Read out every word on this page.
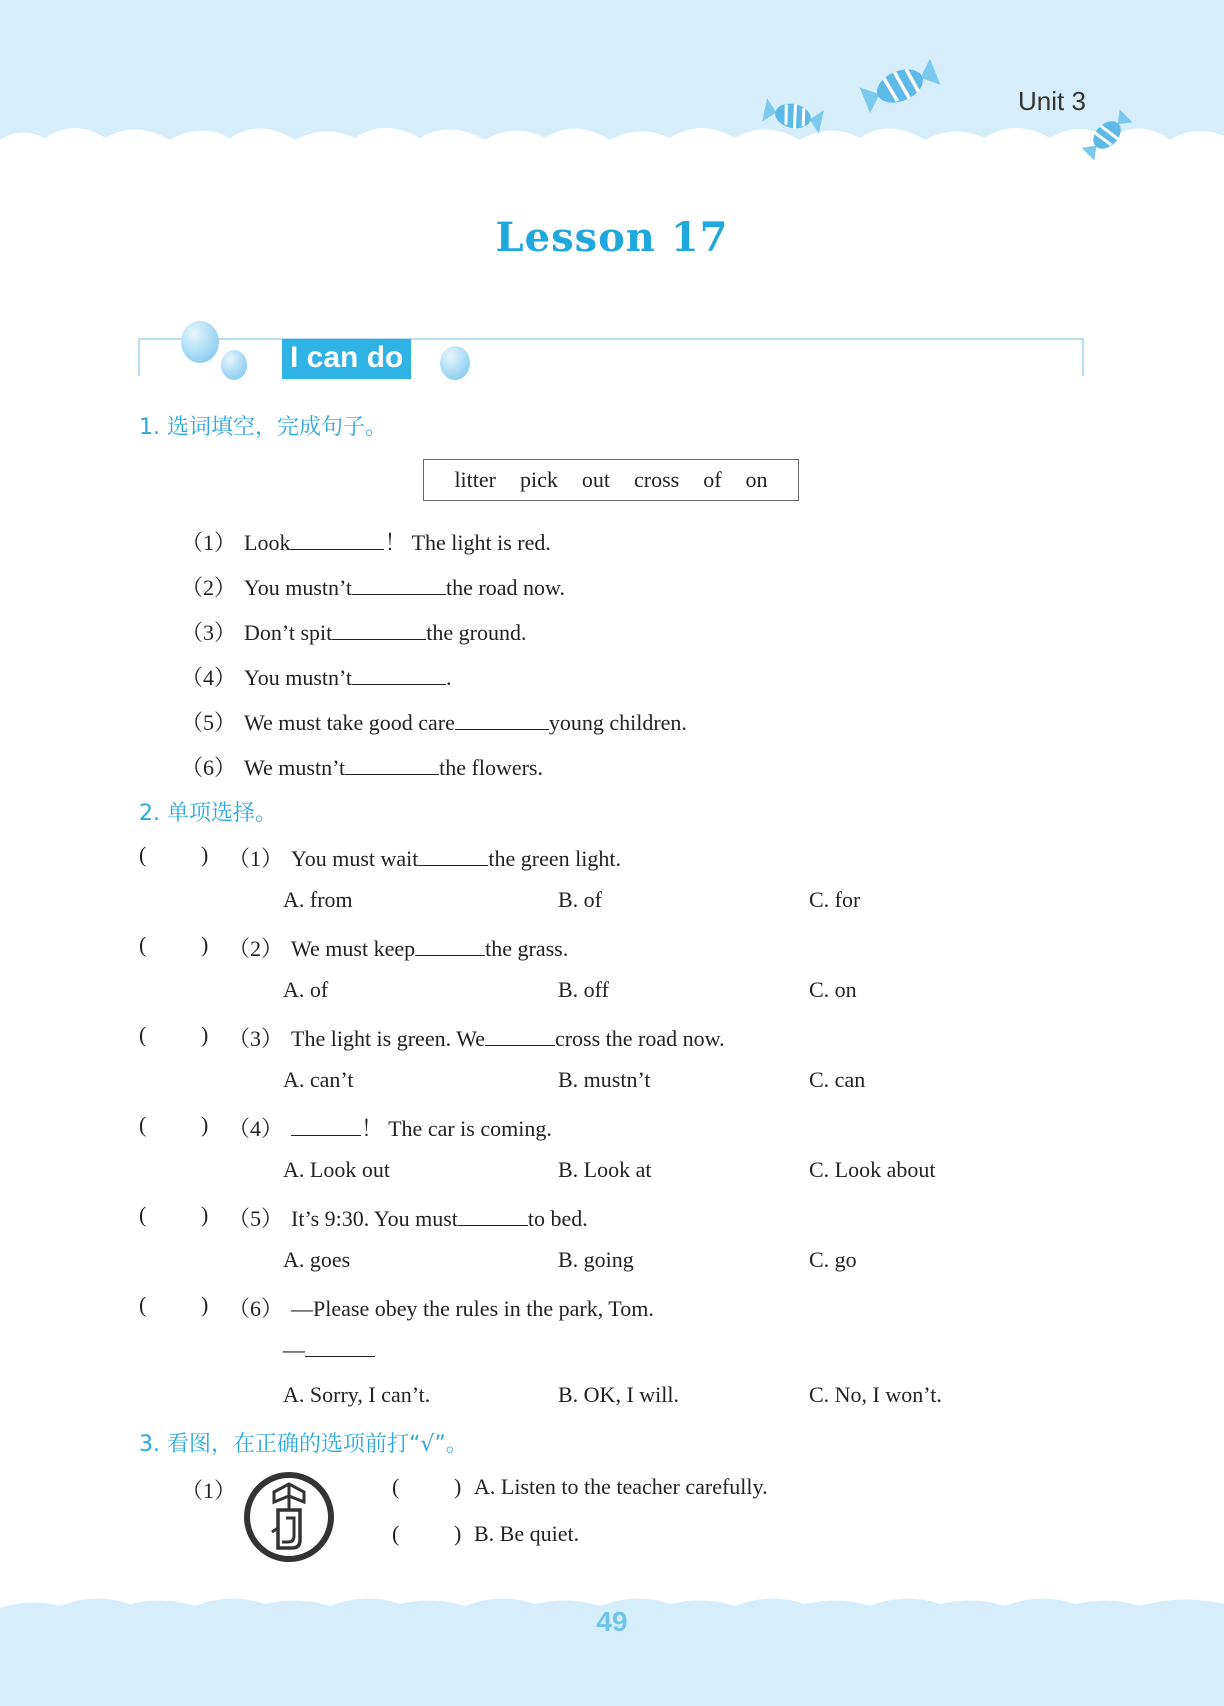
Unit 3
Lesson 17
I can do
1. 选词填空，完成句子。
litter pick out cross of on
（1） Look	！ The light is red.
（2） You mustn’t	the road now.
（3） Don’t spit	the ground.
（4） You mustn’t	.
（5） We must take good care	young children.
（6） We mustn’t	the flowers.
2. 单项选择。
( ) （1） You must wait	the green light.
A. from	B. of	C. for
( ) （2） We must keep	the grass.
A. of	B. off	C. on
( ) （3） The light is green. We	cross the road now.
A. can’t	B. mustn’t	C. can
( ) （4）	！ The car is coming.
A. Look out	B. Look at	C. Look about
( ) （5） It’s 9:30. You must	to bed.
A. goes	B. going	C. go
( ) （6） —Please obey the rules in the park, Tom.
—
A. Sorry, I can’t.	B. OK, I will.	C. No, I won’t.
3. 看图，在正确的选项前打“√”。
（1）	( ) A. Listen to the teacher carefully.
( ) B. Be quiet.
49
